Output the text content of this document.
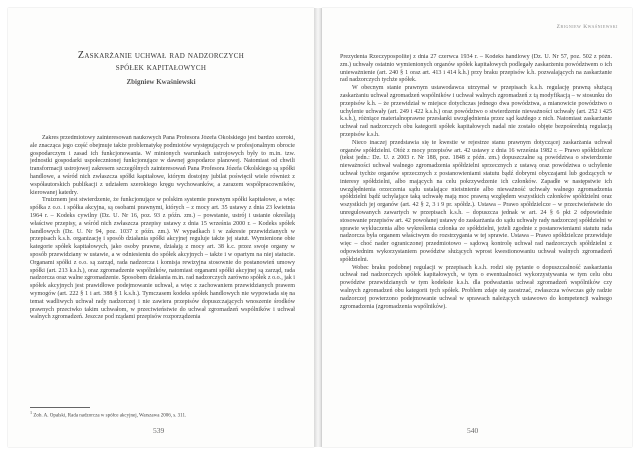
Zaskarżanie uchwał rad nadzorczych
spółek kapitałowych
Zbigniew Kwaśniewski

Zakres przedmiotowy zainteresowań naukowych Pana Profesora Józefa Okolskiego jest bardzo szeroki, ale znacząca jego część obejmuje także problematykę podmiotów występujących w profesjonalnym obrocie gospodarczym i zasad ich funkcjonowania. W minionych warunkach ustrojowych były to m.in. tzw. jednostki gospodarki uspołecznionej funkcjonujące w dawnej gospodarce planowej. Natomiast od chwili transformacji ustrojowej zakresem szczególnych zainteresowań Pana Profesora Józefa Okolskiego są spółki handlowe, a wśród nich zwłaszcza spółki kapitałowe, którym dostojny jubilat poświęcił wiele również z współautorskich publikacji z udziałem szerokiego kręgu wychowanków, a zarazem współpracowników, kierowanej katedry.

Truizmem jest stwierdzenie, że funkcjonujące w polskim systemie prawnym spółki kapitałowe, a więc spółka z o.o. i spółka akcyjna, są osobami prawnymi, których – z mocy art. 35 ustawy z dnia 23 kwietnia 1964 r. – Kodeks cywilny (Dz. U. Nr 16, poz. 93 z późn. zm.) – powstanie, ustrój i ustanie określają właściwe przepisy, a wśród nich zwłaszcza przepisy ustawy z dnia 15 września 2000 r. – Kodeks spółek handlowych (Dz. U. Nr 94, poz. 1037 z późn. zm.). W wypadkach i w zakresie przewidzianych w przepisach k.s.h. organizację i sposób działania spółki akcyjnej reguluje także jej statut. Wymienione obie kategorie spółek kapitałowych, jako osoby prawne, działają z mocy art. 38 k.c. przez swoje organy w sposób przewidziany w ustawie, a w odniesieniu do spółek akcyjnych – także i w opartym na niej statucie. Organami spółki z o.o. są zarząd, rada nadzorcza i komisja rewizyjna stosownie do postanowień umowy spółki (art. 213 k.s.h.), oraz zgromadzenie wspólników, natomiast organami spółki akcyjnej są zarząd, rada nadzorcza oraz walne zgromadzenie. Sposobem działania m.in. rad nadzorczych zarówno spółek z o.o., jak i spółek akcyjnych jest prawidłowe podejmowanie uchwał, a więc z zachowaniem przewidzianych prawem wymogów (art. 222 § 1 i art. 388 § 1 k.s.h.). Tymczasem kodeks spółek handlowych nie wypowiada się na temat wadliwych uchwał rady nadzorczej i nie zawiera przepisów dopuszczających wnoszenie środków prawnych przeciwko takim uchwałom, w przeciwieństwie do uchwał zgromadzeń wspólników i uchwał walnych zgromadzeń. Jeszcze pod rządami przepisów rozporządzenia

$^1$ Zob. A. Opalski, Rada nadzorcza w spółce akcyjnej, Warszawa 2006, s. 311.
539
Zbigniew Kwaśniewski

Prezydenta Rzeczypospolitej z dnia 27 czerwca 1934 r. – Kodeks handlowy (Dz. U. Nr 57, poz. 502 z późn. zm.) uchwały ostatnio wymienionych organów spółek kapitałowych podlegały zaskarżeniu powództwem o ich unieważnienie (art. 240 § 1 oraz art. 413 i 414 k.h.) przy braku przepisów k.h. pozwalających na zaskarżanie rad nadzorczych tychże spółek.

W obecnym stanie prawnym ustawodawca utrzymał w przepisach k.s.h. regulację prawną służącą zaskarżaniu uchwał zgromadzeń wspólników i uchwał walnych zgromadzeń z tą modyfikacją – w stosunku do przepisów k.h. – że przewidział w miejsce dotychczas jednego dwa powództwa, a mianowicie powództwo o uchylenie uchwały (art. 249 i 422 k.s.h.) oraz powództwo o stwierdzenie nieważności uchwały (art. 252 i 425 k.s.h.), różniące materialnoprawne przesłanki uwzględnienia przez sąd każdego z nich. Natomiast zaskarżanie uchwał rad nadzorczych obu kategorii spółek kapitałowych nadal nie zostało objęte bezpośrednią regulacją przepisów k.s.h.

Nieco inaczej przedstawia się te kwestie w rejestrze stanu prawnym dotyczącej zaskarżania uchwał organów spółdzielni. Otóż z mocy przepisów art. 42 ustawy z dnia 16 września 1982 r. – Prawo spółdzielcze (tekst jedn.: Dz. U. z 2003 r. Nr 188, poz. 1848 z późn. zm.) dopuszczalne są powództwa o stwierdzenie nieważności uchwał walnego zgromadzenia spółdzielni sprzecznych z ustawą oraz powództwa o uchylenie uchwał tychże organów sprzecznych z postanowieniami statutu bądź dobrymi obyczajami lub godzących w interesy spółdzielni, albo mających na celu pokrzywdzenie ich członków. Zapadłe w następstwie ich uwzględnienia orzeczenia sądu ustalające nieistnienie albo nieważność uchwały walnego zgromadzenia spółdzielni bądź uchylające taką uchwałę mają moc prawną względem wszystkich członków spółdzielni oraz wszystkich jej organów (art. 42 § 2, 3 i 9 pr. spółdz.). Ustawa – Prawo spółdzielcze – w przeciwieństwie do unregulowanych zawartych w przepisach k.s.h. – dopuszcza jednak w art. 24 § 6 pkt 2 odpowiednie stosowanie przepisów art. 42 powołanej ustawy do zaskarżania do sądu uchwały rady nadzorczej spółdzielni w sprawie wykluczenia albo wykreślenia członka ze spółdzielni, jeżeli zgodnie z postanowieniami statutu rada nadzorcza była organem właściwym do rozstrzygania w tej sprawie. Ustawa – Prawo spółdzielcze przewiduje więc – choć nader ograniczonej przedmiotowo – sądową kontrolę uchwał rad nadzorczych spółdzielni z odpowiednim wykorzystaniem powództw służących wprost kwestionowaniu uchwał walnych zgromadzeń spółdzielni.

Wobec braku podobnej regulacji w przepisach k.s.h. rodzi się pytanie o dopuszczalność zaskarżania uchwał rad nadzorczych spółek kapitałowych, w tym o ewentualności wykorzystywania w tym celu obu powództw przewidzianych w tym kodeksie k.s.h. dla podważania uchwał zgromadzeń wspólników czy walnych zgromadzeń obu kategorii tych spółek. Problem zdaje się zaostrzać, zwłaszcza wówczas gdy radzie nadzorczej powierzono podejmowanie uchwał w sprawach należących ustawowo do kompetencji walnego zgromadzenia (zgromadzenia wspólników).

540
